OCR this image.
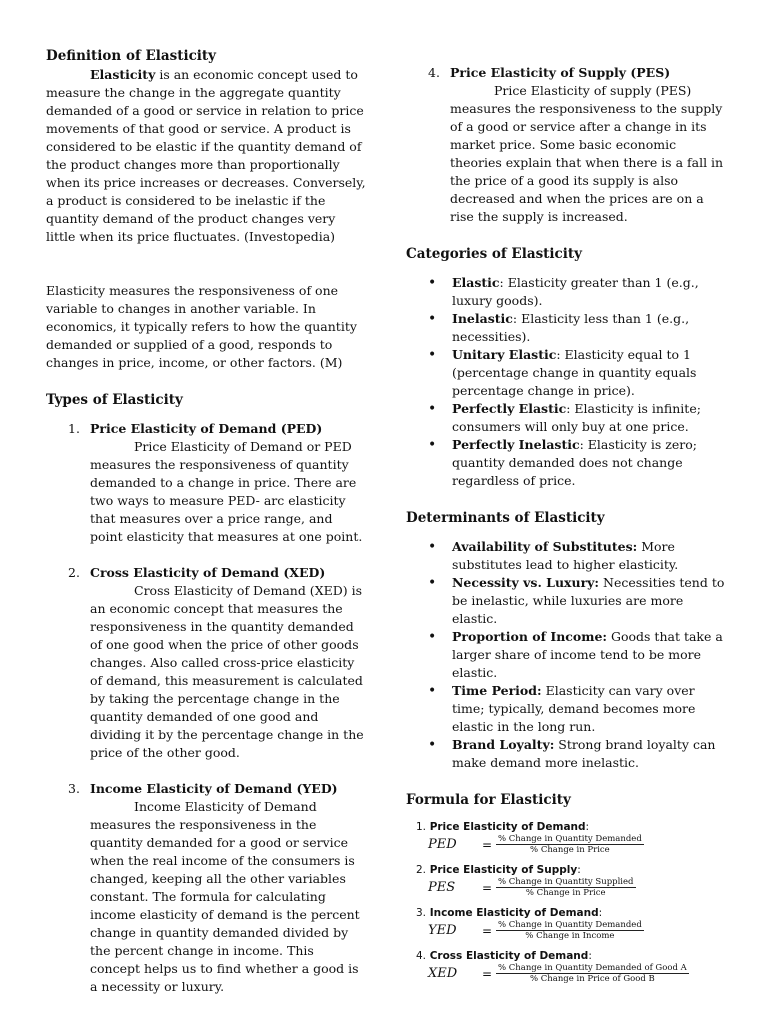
Definition of Elasticity

Elasticity is an economic concept used to measure the change in the aggregate quantity demanded of a good or service in relation to price movements of that good or service. A product is considered to be elastic if the quantity demand of the product changes more than proportionally when its price increases or decreases. Conversely, a product is considered to be inelastic if the quantity demand of the product changes very little when its price fluctuates. (Investopedia)

Elasticity measures the responsiveness of one variable to changes in another variable. In economics, it typically refers to how the quantity demanded or supplied of a good, responds to changes in price, income, or other factors. (M)

Types of Elasticity
1. Price Elasticity of Demand (PED)
Price Elasticity of Demand or PED measures the responsiveness of quantity demanded to a change in price. There are two ways to measure PED- arc elasticity that measures over a price range, and point elasticity that measures at one point.
2. Cross Elasticity of Demand (XED)
Cross Elasticity of Demand (XED) is an economic concept that measures the responsiveness in the quantity demanded of one good when the price of other goods changes. Also called cross-price elasticity of demand, this measurement is calculated by taking the percentage change in the quantity demanded of one good and dividing it by the percentage change in the price of the other good.
3. Income Elasticity of Demand (YED)
Income Elasticity of Demand measures the responsiveness in the quantity demanded for a good or service when the real income of the consumers is changed, keeping all the other variables constant. The formula for calculating income elasticity of demand is the percent change in quantity demanded divided by the percent change in income. This concept helps us to find whether a good is a necessity or luxury.
4. Price Elasticity of Supply (PES)
Price Elasticity of supply (PES) measures the responsiveness to the supply of a good or service after a change in its market price. Some basic economic theories explain that when there is a fall in the price of a good its supply is also decreased and when the prices are on a rise the supply is increased.
Categories of Elasticity
• Elastic: Elasticity greater than 1 (e.g., luxury goods).
• Inelastic: Elasticity less than 1 (e.g., necessities).
• Unitary Elastic: Elasticity equal to 1 (percentage change in quantity equals percentage change in price).
• Perfectly Elastic: Elasticity is infinite; consumers will only buy at one price.
• Perfectly Inelastic: Elasticity is zero; quantity demanded does not change regardless of price.
Determinants of Elasticity
• Availability of Substitutes: More substitutes lead to higher elasticity.
• Necessity vs. Luxury: Necessities tend to be inelastic, while luxuries are more elastic.
• Proportion of Income: Goods that take a larger share of income tend to be more elastic.
• Time Period: Elasticity can vary over time; typically, demand becomes more elastic in the long run.
• Brand Loyalty: Strong brand loyalty can make demand more inelastic.
Formula for Elasticity
1. Price Elasticity of Demand:
PED	= $\frac{\text{\% Change in Quantity Demanded}}{\text{\% Change in Price}}$
2. Price Elasticity of Supply:
PES	= $\frac{\text{\% Change in Quantity Supplied}}{\text{\% Change in Price}}$
3. Income Elasticity of Demand:
YED	= $\frac{\text{\% Change in Quantity Demanded}}{\text{\% Change in Income}}$
4. Cross Elasticity of Demand:
XED	= $\frac{\text{\% Change in Quantity Demanded of Good A}}{\text{\% Change in Price of Good B}}$
